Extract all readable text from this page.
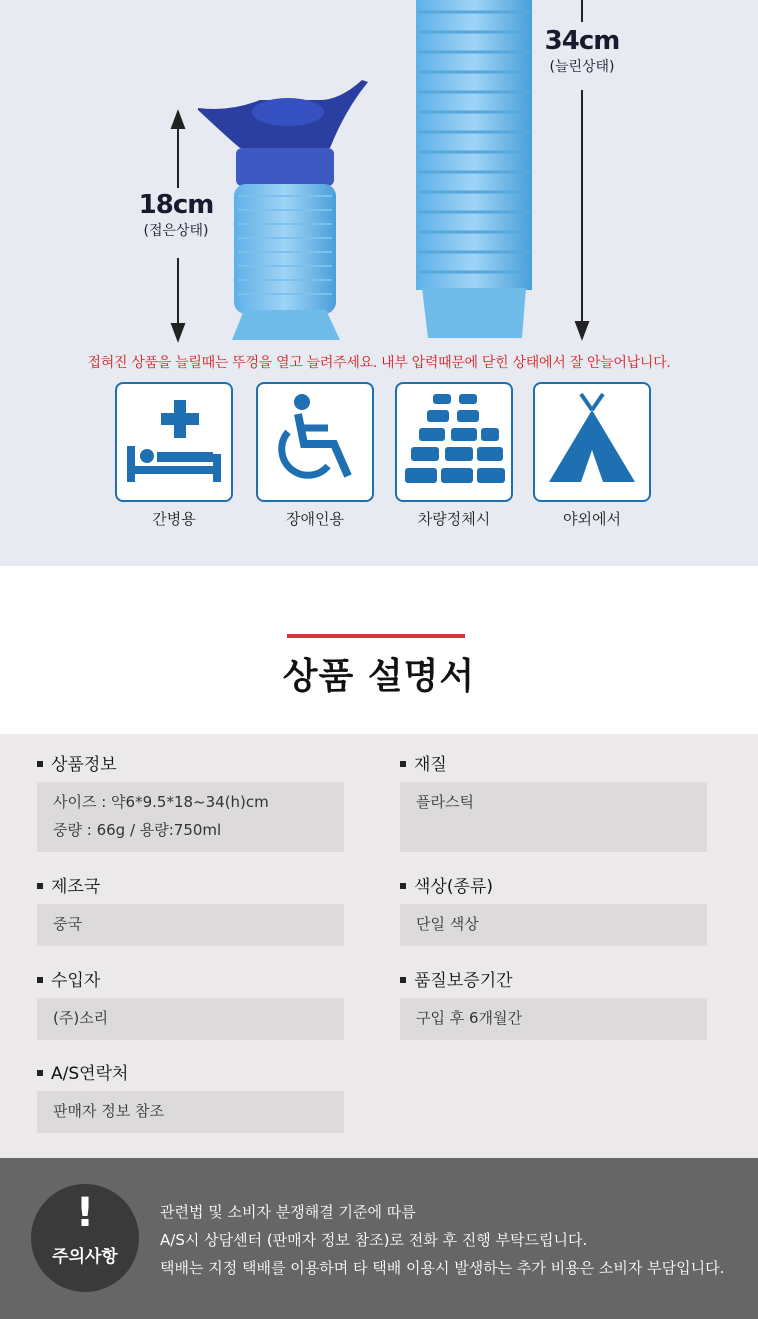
18cm
(접은상태)
34cm
(늘린상태)
접혀진 상품을 늘릴때는 뚜껑을 열고 늘려주세요. 내부 압력때문에 닫힌 상태에서 잘 안늘어납니다.
간병용	장애인용	차량정체시	야외에서
상품 설명서
상품정보
사이즈 : 약6*9.5*18~34(h)cm
중량 : 66g / 용량:750ml
재질
플라스틱
제조국
중국
색상(종류)
단일 색상
수입자
(주)소리
품질보증기간
구입 후 6개월간
A/S연락처
판매자 정보 참조
!
주의사항
관련법 및 소비자 분쟁해결 기준에 따름
A/S시 상담센터 (판매자 정보 참조)로 전화 후 진행 부탁드립니다.
택배는 지정 택배를 이용하며 타 택배 이용시 발생하는 추가 비용은 소비자 부담입니다.
